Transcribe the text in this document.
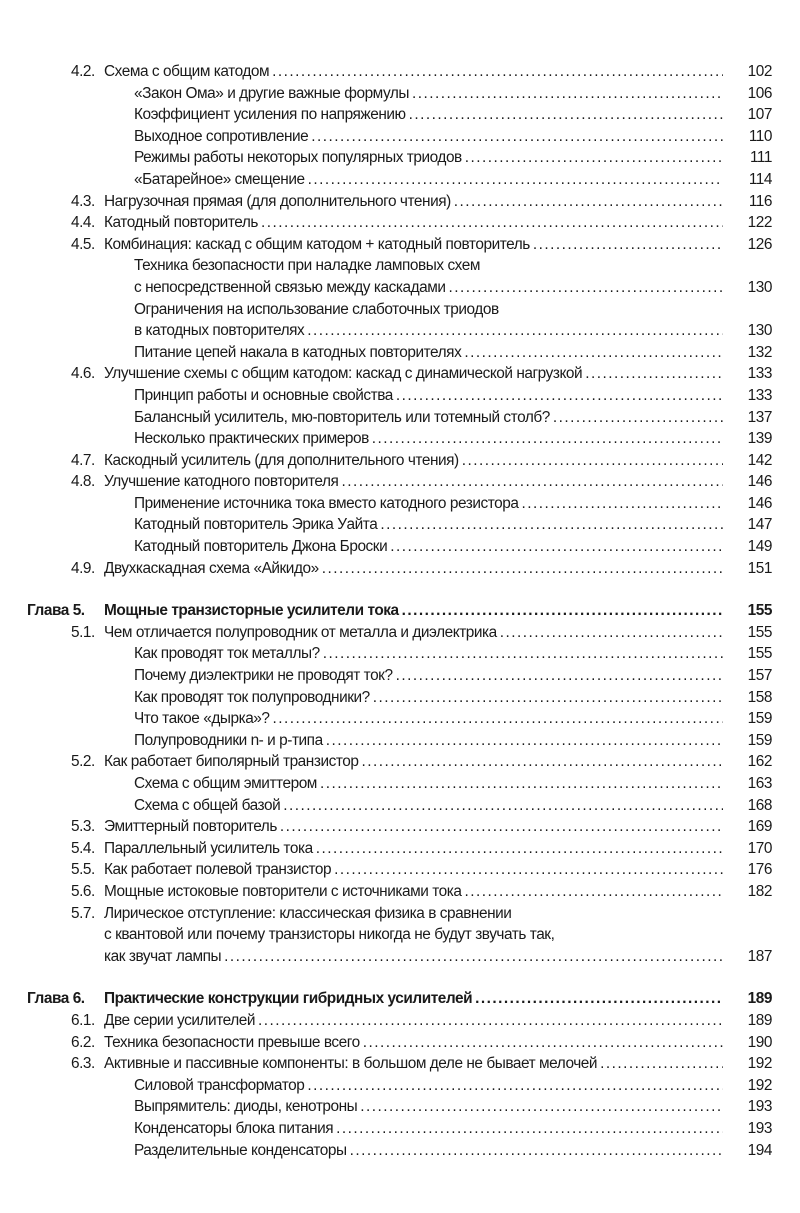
4.2. Схема с общим катодом . . .	102
«Закон Ома» и другие важные формулы . . .	106
Коэффициент усиления по напряжению . . .	107
Выходное сопротивление . . .	110
Режимы работы некоторых популярных триодов . . .	111
«Батарейное» смещение . . .	114
4.3. Нагрузочная прямая (для дополнительного чтения) . . .	116
4.4. Катодный повторитель . . .	122
4.5. Комбинация: каскад с общим катодом + катодный повторитель . . .	126
Техника безопасности при наладке ламповых схем
с непосредственной связью между каскадами . . .	130
Ограничения на использование слаботочных триодов
в катодных повторителях . . .	130
Питание цепей накала в катодных повторителях . . .	132
4.6. Улучшение схемы с общим катодом: каскад с динамической нагрузкой . . .	133
Принцип работы и основные свойства . . .	133
Балансный усилитель, мю-повторитель или тотемный столб? . . .	137
Несколько практических примеров . . .	139
4.7. Каскодный усилитель (для дополнительного чтения) . . .	142
4.8. Улучшение катодного повторителя . . .	146
Применение источника тока вместо катодного резистора . . .	146
Катодный повторитель Эрика Уайта . . .	147
Катодный повторитель Джона Броски . . .	149
4.9. Двухкаскадная схема «Айкидо» . . .	151
Глава 5. Мощные транзисторные усилители тока . . .	155
5.1. Чем отличается полупроводник от металла и диэлектрика . . .	155
Как проводят ток металлы? . . .	155
Почему диэлектрики не проводят ток? . . .	157
Как проводят ток полупроводники? . . .	158
Что такое «дырка»? . . .	159
Полупроводники n- и p-типа . . .	159
5.2. Как работает биполярный транзистор . . .	162
Схема с общим эмиттером . . .	163
Схема с общей базой . . .	168
5.3. Эмиттерный повторитель . . .	169
5.4. Параллельный усилитель тока . . .	170
5.5. Как работает полевой транзистор . . .	176
5.6. Мощные истоковые повторители с источниками тока . . .	182
5.7. Лирическое отступление: классическая физика в сравнении
с квантовой или почему транзисторы никогда не будут звучать так,
как звучат лампы . . .	187
Глава 6. Практические конструкции гибридных усилителей . . .	189
6.1. Две серии усилителей . . .	189
6.2. Техника безопасности превыше всего . . .	190
6.3. Активные и пассивные компоненты: в большом деле не бывает мелочей . . .	192
Силовой трансформатор . . .	192
Выпрямитель: диоды, кенотроны . . .	193
Конденсаторы блока питания . . .	193
Разделительные конденсаторы . . .	194
